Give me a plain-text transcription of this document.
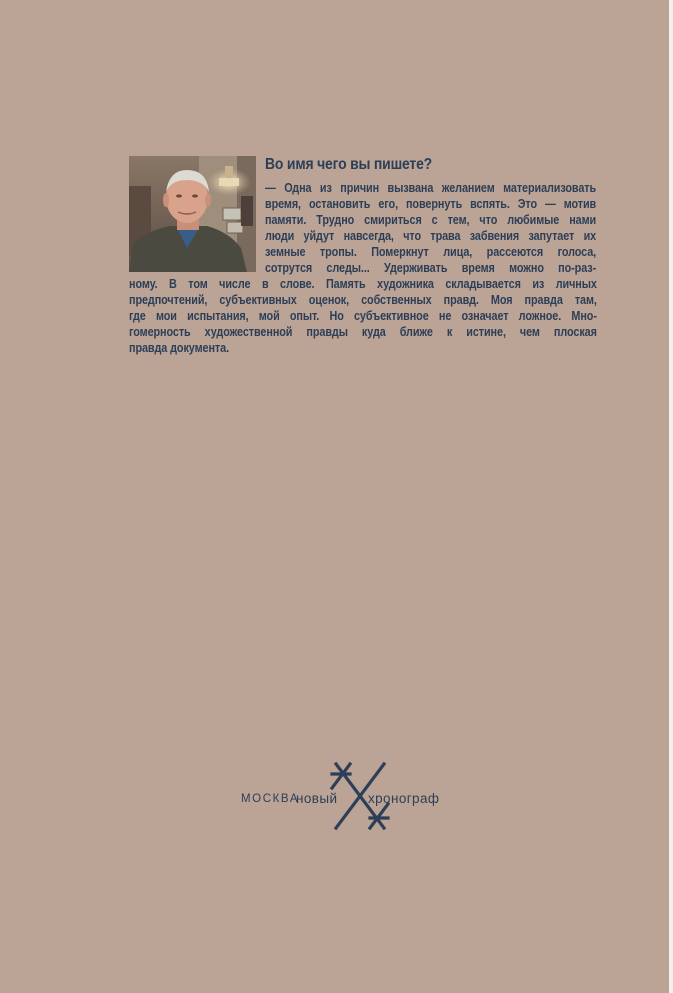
Во имя чего вы пишете?
— Одна из причин вызвана желанием материализовать
время, остановить его, повернуть вспять. Это — мотив
памяти. Трудно смириться с тем, что любимые нами
люди уйдут навсегда, что трава забвения запутает их
земные тропы. Померкнут лица, рассеются голоса,
сотрутся следы... Удерживать время можно по-раз-
ному. В том числе в слове. Память художника складывается из личных
предпочтений, субъективных оценок, собственных правд. Моя правда там,
где мои испытания, мой опыт. Но субъективное не означает ложное. Мно-
гомерность художественной правды куда ближе к истине, чем плоская
правда документа.
МОСКВА
новый хронограф
